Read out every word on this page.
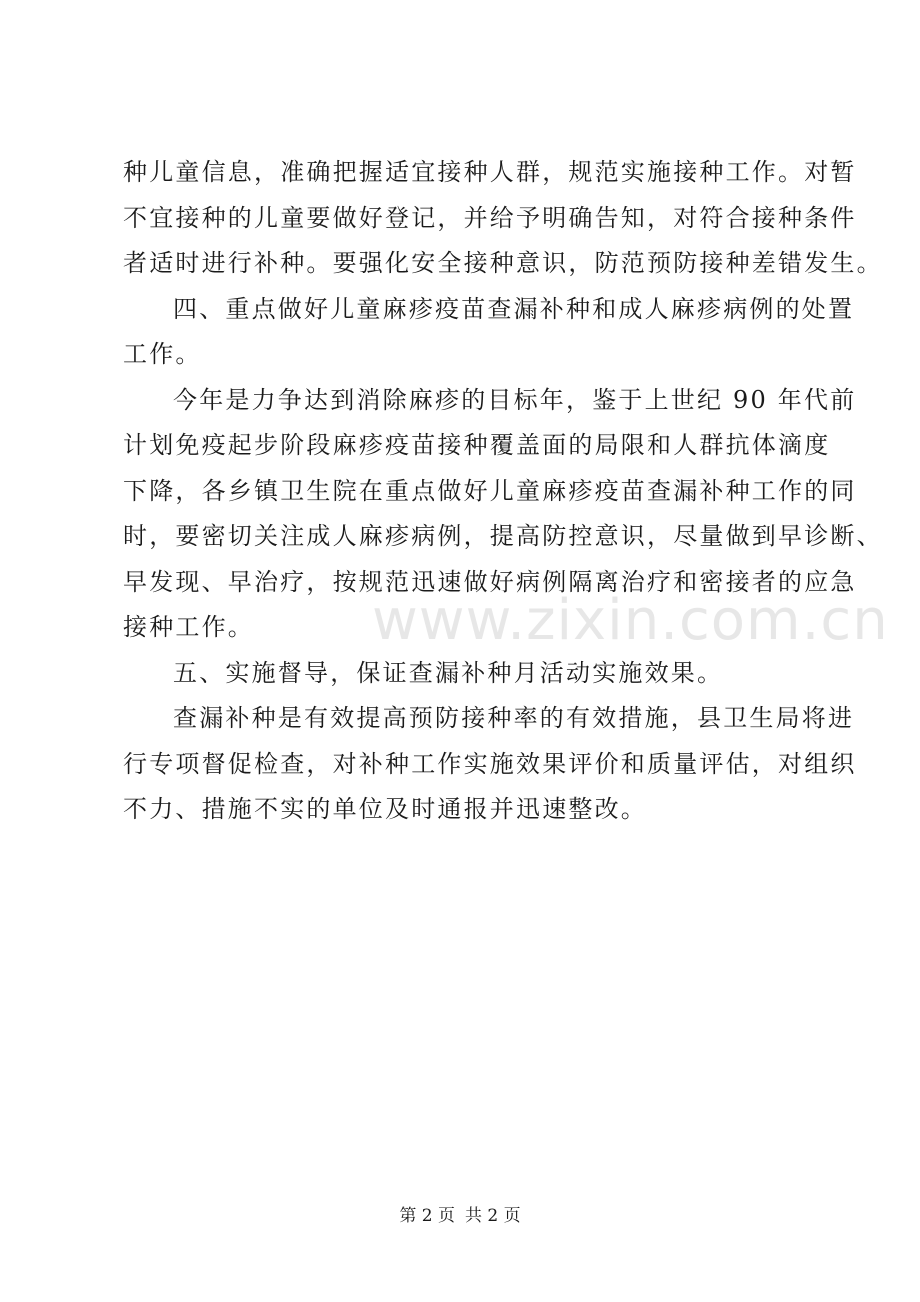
www.zixin.com.cn

种儿童信息，准确把握适宜接种人群，规范实施接种工作。对暂
不宜接种的儿童要做好登记，并给予明确告知，对符合接种条件
者适时进行补种。要强化安全接种意识，防范预防接种差错发生。

四、重点做好儿童麻疹疫苗查漏补种和成人麻疹病例的处置
工作。

今年是力争达到消除麻疹的目标年，鉴于上世纪 90 年代前
计划免疫起步阶段麻疹疫苗接种覆盖面的局限和人群抗体滴度
下降，各乡镇卫生院在重点做好儿童麻疹疫苗查漏补种工作的同
时，要密切关注成人麻疹病例，提高防控意识，尽量做到早诊断、
早发现、早治疗，按规范迅速做好病例隔离治疗和密接者的应急
接种工作。

五、实施督导，保证查漏补种月活动实施效果。

查漏补种是有效提高预防接种率的有效措施，县卫生局将进
行专项督促检查，对补种工作实施效果评价和质量评估，对组织
不力、措施不实的单位及时通报并迅速整改。

第 2 页 共 2 页
